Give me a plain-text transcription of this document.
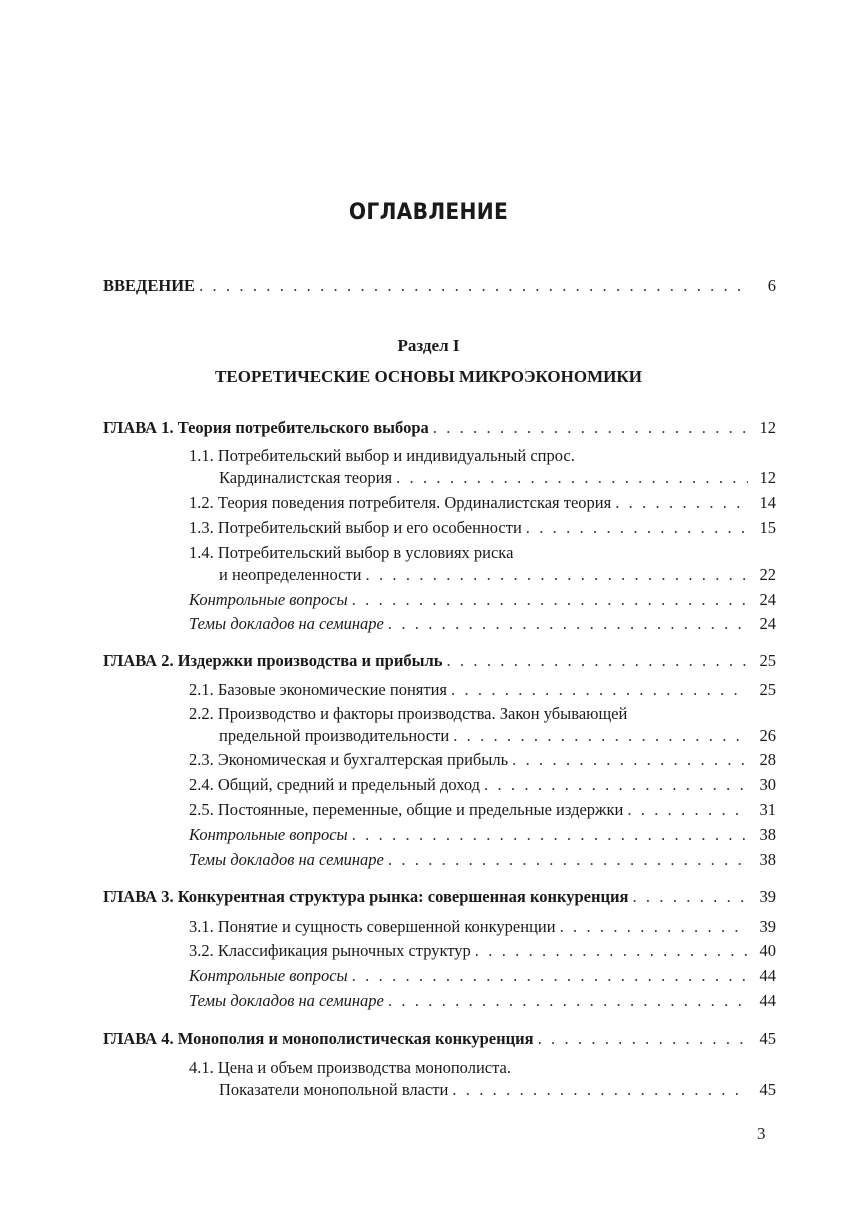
ОГЛАВЛЕНИЕ
ВВЕДЕНИЕ . . .	6
Раздел I
ТЕОРЕТИЧЕСКИЕ ОСНОВЫ МИКРОЭКОНОМИКИ
ГЛАВА 1. Теория потребительского выбора . . .	12
1.1. Потребительский выбор и индивидуальный спрос.
Кардиналистская теория . . .	12
1.2. Теория поведения потребителя. Ординалистская теория . . .	14
1.3. Потребительский выбор и его особенности . . .	15
1.4. Потребительский выбор в условиях риска
и неопределенности . . .	22
Контрольные вопросы . . .	24
Темы докладов на семинаре . . .	24
ГЛАВА 2. Издержки производства и прибыль . . .	25
2.1. Базовые экономические понятия . . .	25
2.2. Производство и факторы производства. Закон убывающей
предельной производительности . . .	26
2.3. Экономическая и бухгалтерская прибыль . . .	28
2.4. Общий, средний и предельный доход . . .	30
2.5. Постоянные, переменные, общие и предельные издержки . . .	31
Контрольные вопросы . . .	38
Темы докладов на семинаре . . .	38
ГЛАВА 3. Конкурентная структура рынка: совершенная конкуренция . . .	39
3.1. Понятие и сущность совершенной конкуренции . . .	39
3.2. Классификация рыночных структур . . .	40
Контрольные вопросы . . .	44
Темы докладов на семинаре . . .	44
ГЛАВА 4. Монополия и монополистическая конкуренция . . .	45
4.1. Цена и объем производства монополиста.
Показатели монопольной власти . . .	45
3
